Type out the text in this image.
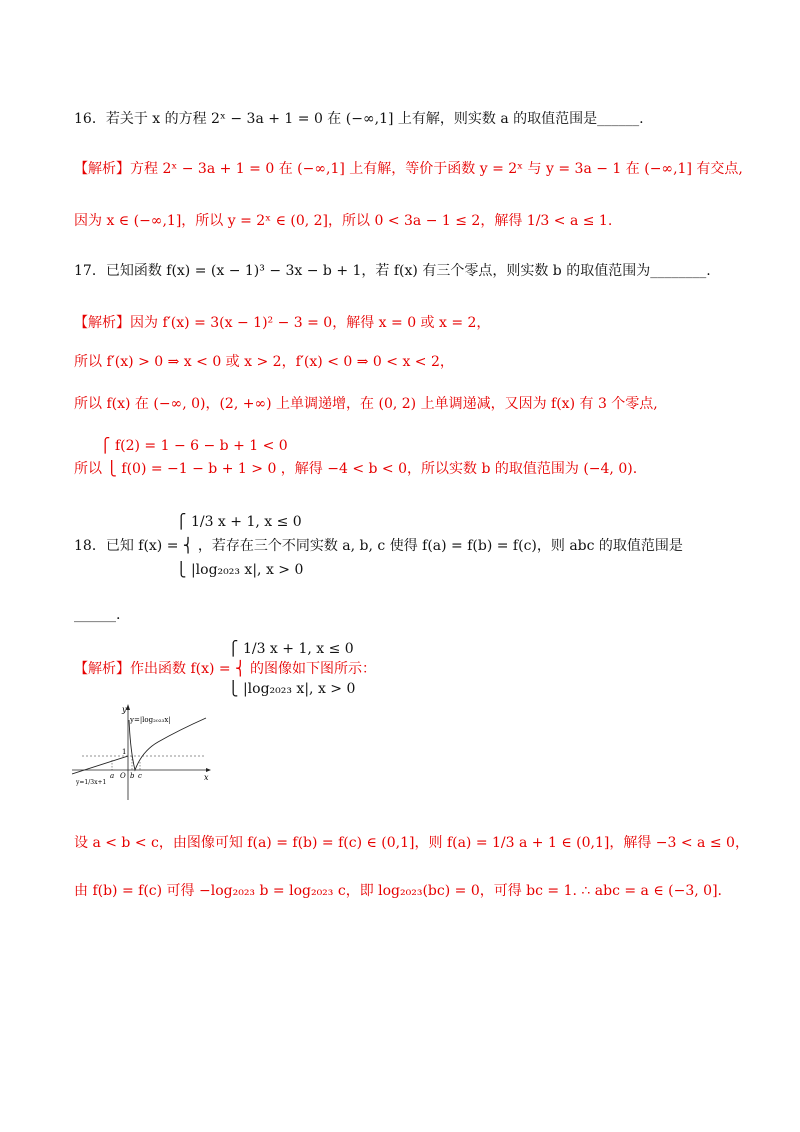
16．若关于 x 的方程 2ˣ − 3a + 1 = 0 在 (−∞,1] 上有解，则实数 a 的取值范围是______.
【解析】方程 2ˣ − 3a + 1 = 0 在 (−∞,1] 上有解，等价于函数 y = 2ˣ 与 y = 3a − 1 在 (−∞,1] 有交点,
因为 x ∈ (−∞,1]，所以 y = 2ˣ ∈ (0, 2]，所以 0 < 3a − 1 ≤ 2，解得 1/3 < a ≤ 1.
17．已知函数 f(x) = (x − 1)³ − 3x − b + 1，若 f(x) 有三个零点，则实数 b 的取值范围为________.
【解析】因为 f′(x) = 3(x − 1)² − 3 = 0，解得 x = 0 或 x = 2，
所以 f′(x) > 0 ⇒ x < 0 或 x > 2，f′(x) < 0 ⇒ 0 < x < 2，
所以 f(x) 在 (−∞, 0)，(2, +∞) 上单调递增，在 (0, 2) 上单调递减，又因为 f(x) 有 3 个零点,
⎧ f(2) = 1 − 6 − b + 1 < 0
所以 ⎩ f(0) = −1 − b + 1 > 0 ，解得 −4 < b < 0，所以实数 b 的取值范围为 (−4, 0).
⎧ 1/3 x + 1, x ≤ 0
18．已知 f(x) = ⎨ ，若存在三个不同实数 a, b, c 使得 f(a) = f(b) = f(c)，则 abc 的取值范围是
⎩ |log₂₀₂₃ x|, x > 0
______.
⎧ 1/3 x + 1, x ≤ 0
【解析】作出函数 f(x) = ⎨ 的图像如下图所示：
⎩ |log₂₀₂₃ x|, x > 0
y
x
y=|log₂₀₂₃x|
y=1/3x+1
1
a O b c
设 a < b < c，由图像可知 f(a) = f(b) = f(c) ∈ (0,1]，则 f(a) = 1/3 a + 1 ∈ (0,1]，解得 −3 < a ≤ 0，
由 f(b) = f(c) 可得 −log₂₀₂₃ b = log₂₀₂₃ c，即 log₂₀₂₃(bc) = 0，可得 bc = 1. ∴ abc = a ∈ (−3, 0].
